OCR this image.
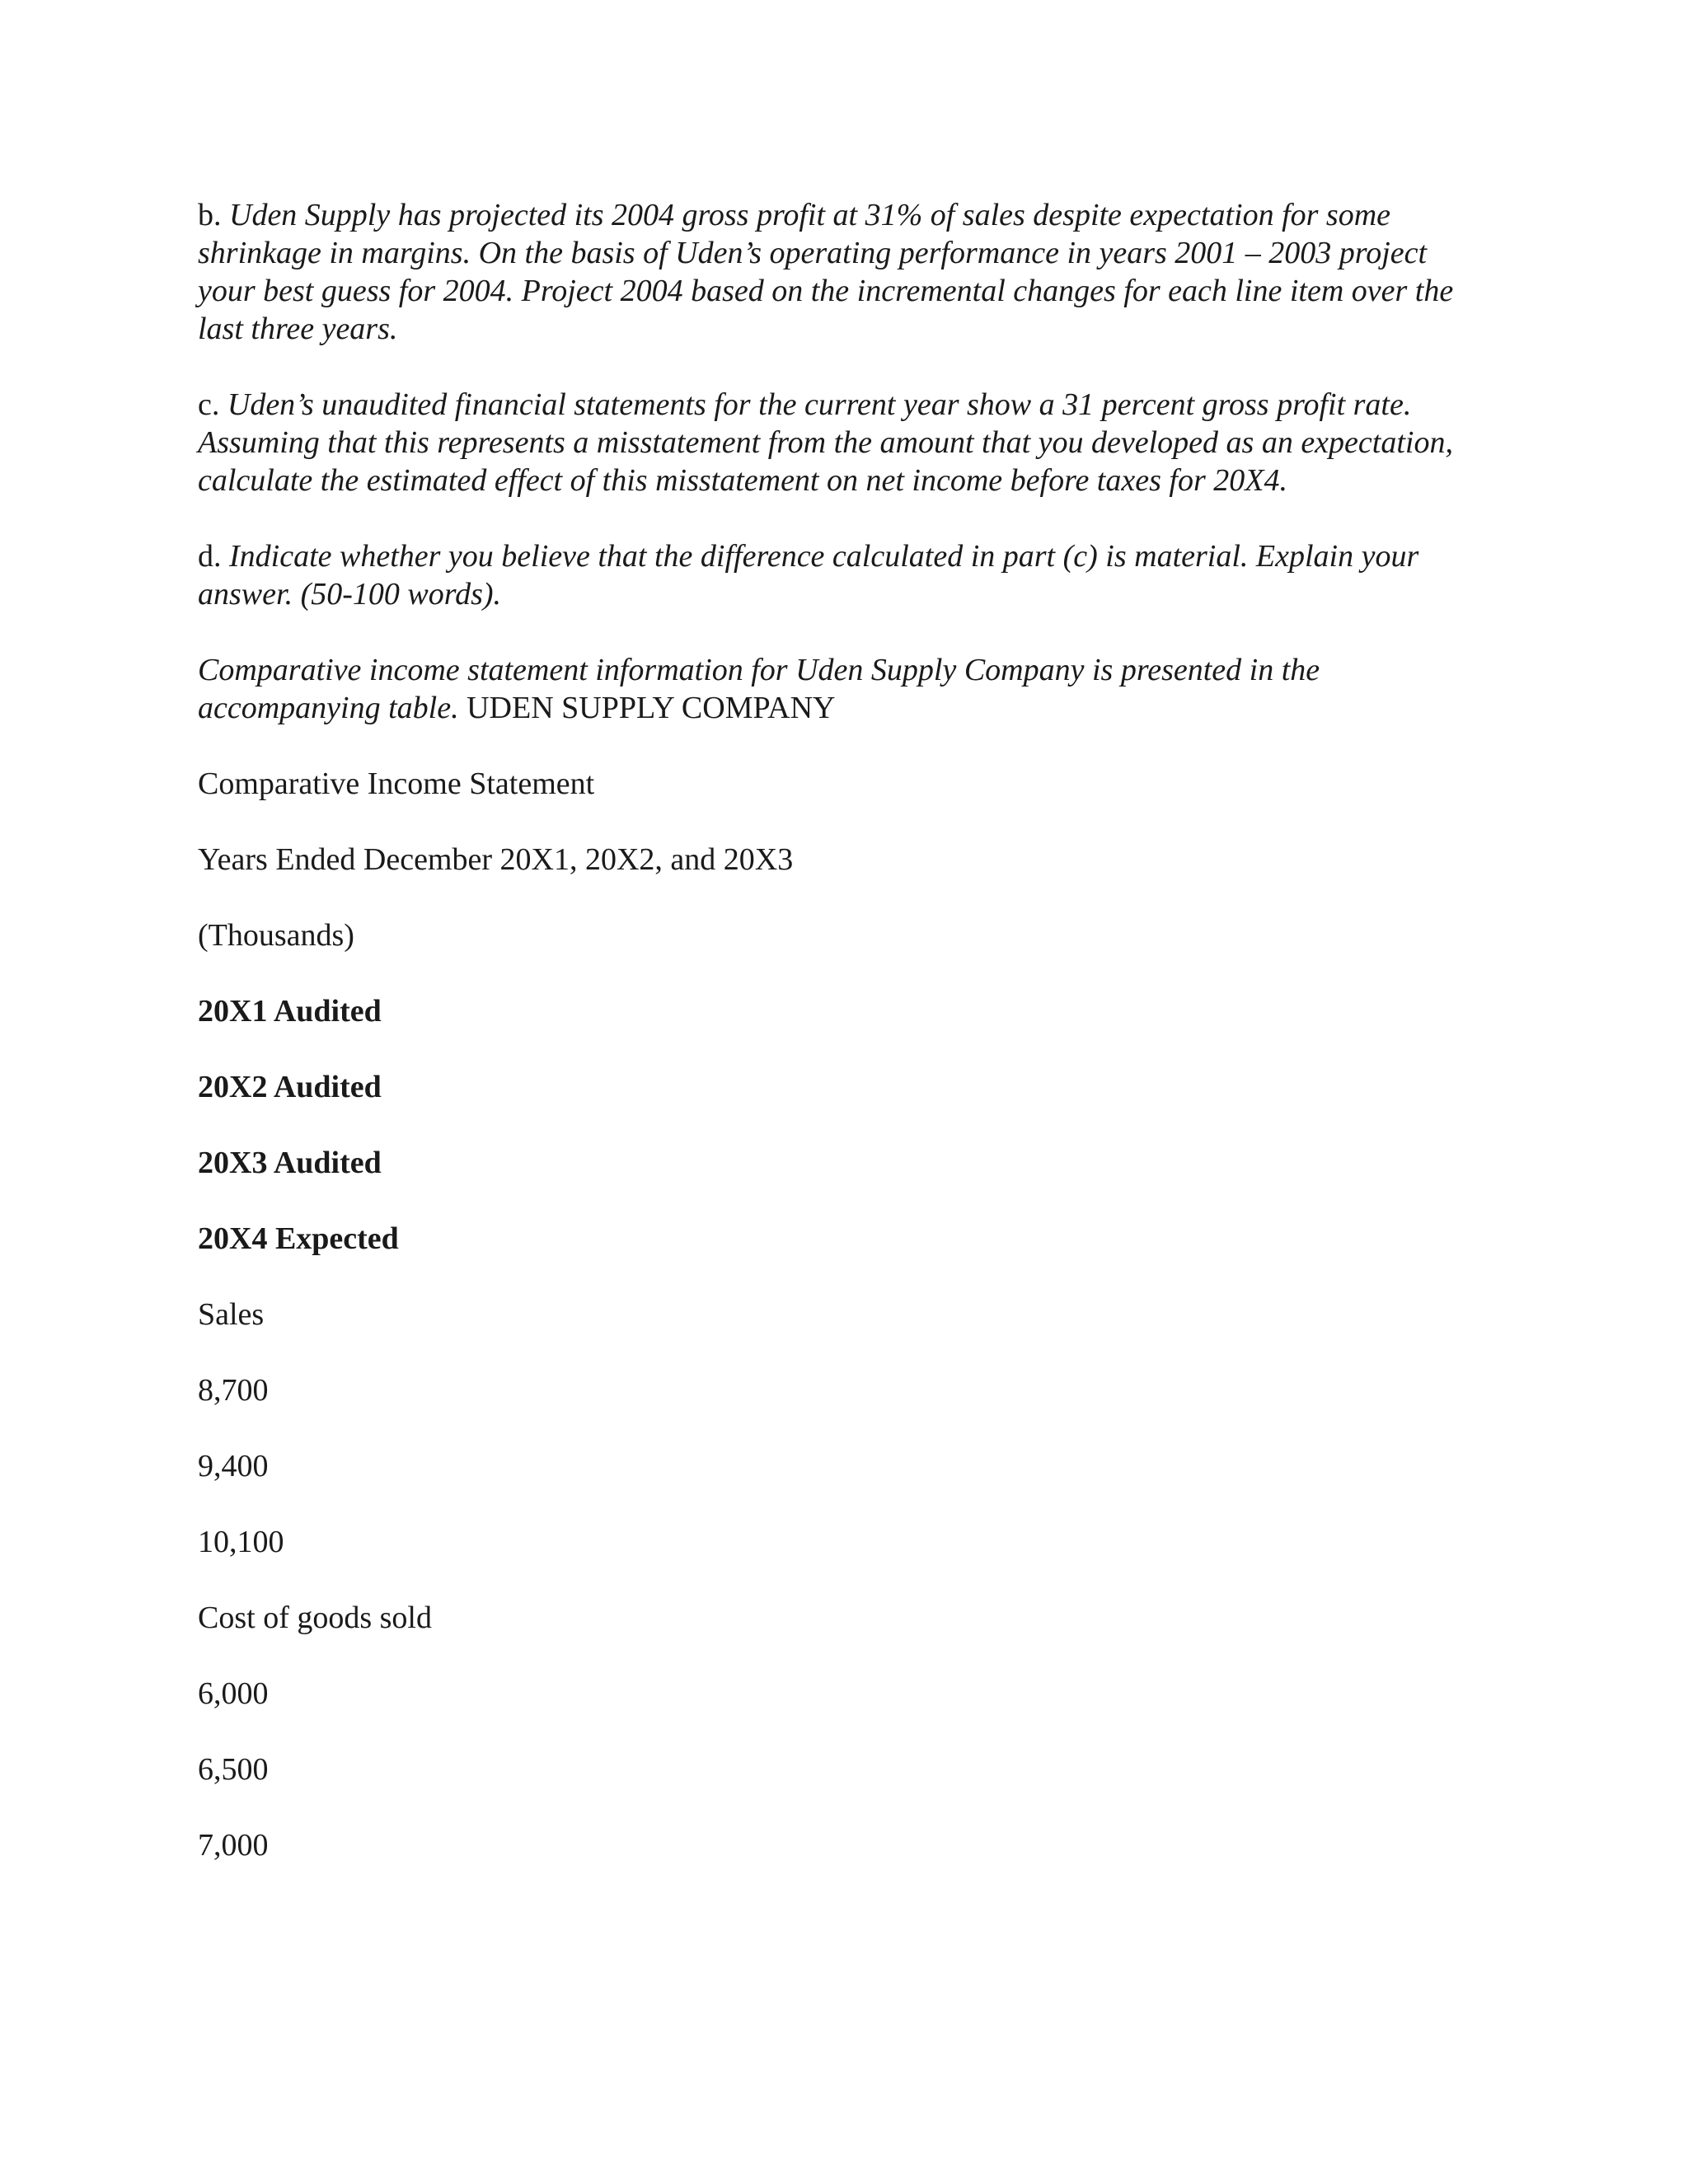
b. Uden Supply has projected its 2004 gross profit at 31% of sales despite expectation for some shrinkage in margins. On the basis of Uden’s operating performance in years 2001 – 2003 project your best guess for 2004. Project 2004 based on the incremental changes for each line item over the last three years.

c. Uden’s unaudited financial statements for the current year show a 31 percent gross profit rate. Assuming that this represents a misstatement from the amount that you developed as an expectation, calculate the estimated effect of this misstatement on net income before taxes for 20X4.

d. Indicate whether you believe that the difference calculated in part (c) is material. Explain your answer. (50-100 words).

Comparative income statement information for Uden Supply Company is presented in the accompanying table. UDEN SUPPLY COMPANY

Comparative Income Statement

Years Ended December 20X1, 20X2, and 20X3

(Thousands)

20X1 Audited

20X2 Audited

20X3 Audited

20X4 Expected

Sales

8,700

9,400

10,100

Cost of goods sold

6,000

6,500

7,000
